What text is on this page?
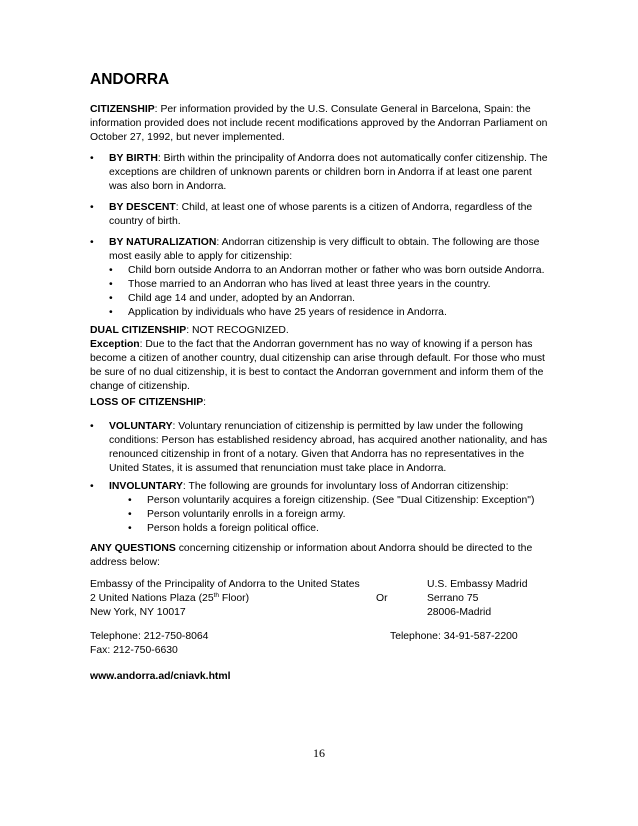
ANDORRA
CITIZENSHIP: Per information provided by the U.S. Consulate General in Barcelona, Spain: the information provided does not include recent modifications approved by the Andorran Parliament on October 27, 1992, but never implemented.
•	BY BIRTH: Birth within the principality of Andorra does not automatically confer citizenship. The exceptions are children of unknown parents or children born in Andorra if at least one parent was also born in Andorra.
•	BY DESCENT: Child, at least one of whose parents is a citizen of Andorra, regardless of the country of birth.
•	BY NATURALIZATION: Andorran citizenship is very difficult to obtain. The following are those most easily able to apply for citizenship:
•	Child born outside Andorra to an Andorran mother or father who was born outside Andorra.
•	Those married to an Andorran who has lived at least three years in the country.
•	Child age 14 and under, adopted by an Andorran.
•	Application by individuals who have 25 years of residence in Andorra.
DUAL CITIZENSHIP: NOT RECOGNIZED.
Exception: Due to the fact that the Andorran government has no way of knowing if a person has become a citizen of another country, dual citizenship can arise through default. For those who must be sure of no dual citizenship, it is best to contact the Andorran government and inform them of the change of citizenship.
LOSS OF CITIZENSHIP:
•	VOLUNTARY: Voluntary renunciation of citizenship is permitted by law under the following conditions: Person has established residency abroad, has acquired another nationality, and has renounced citizenship in front of a notary. Given that Andorra has no representatives in the United States, it is assumed that renunciation must take place in Andorra.
•	INVOLUNTARY: The following are grounds for involuntary loss of Andorran citizenship:
•	Person voluntarily acquires a foreign citizenship. (See "Dual Citizenship: Exception")
•	Person voluntarily enrolls in a foreign army.
•	Person holds a foreign political office.
ANY QUESTIONS concerning citizenship or information about Andorra should be directed to the address below:
Embassy of the Principality of Andorra to the United States	U.S. Embassy Madrid
2 United Nations Plaza (25th Floor)	Or	Serrano 75
New York, NY 10017	28006-Madrid
Telephone: 212-750-8064	Telephone: 34-91-587-2200
Fax: 212-750-6630
www.andorra.ad/cniavk.html
16
